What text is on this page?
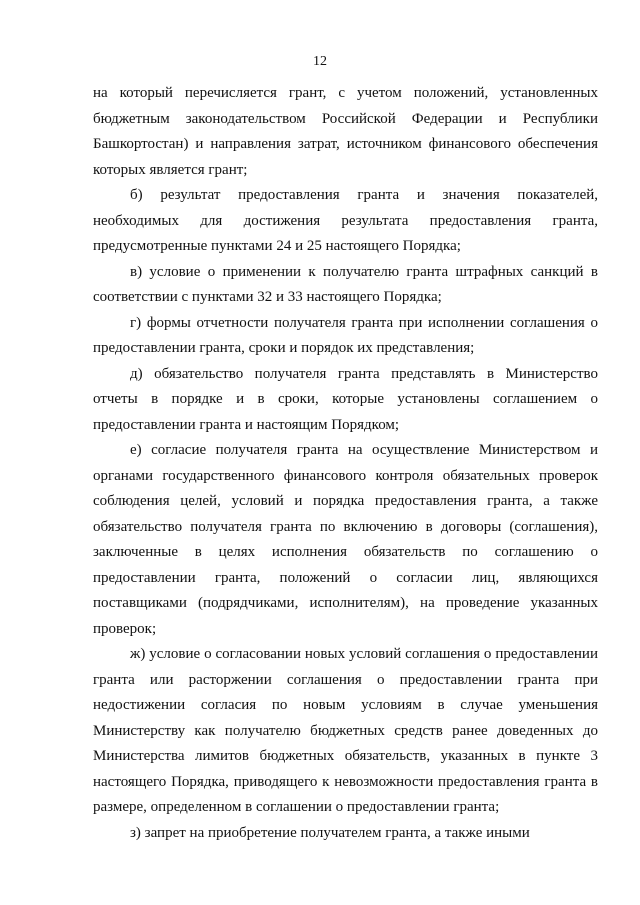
12

на который перечисляется грант, с учетом положений, установленных бюджетным законодательством Российской Федерации и Республики Башкортостан) и направления затрат, источником финансового обеспечения которых является грант;

б) результат предоставления гранта и значения показателей, необходимых для достижения результата предоставления гранта, предусмотренные пунктами 24 и 25 настоящего Порядка;

в) условие о применении к получателю гранта штрафных санкций в соответствии с пунктами 32 и 33 настоящего Порядка;

г) формы отчетности получателя гранта при исполнении соглашения о предоставлении гранта, сроки и порядок их представления;

д) обязательство получателя гранта представлять в Министерство отчеты в порядке и в сроки, которые установлены соглашением о предоставлении гранта и настоящим Порядком;

е) согласие получателя гранта на осуществление Министерством и органами государственного финансового контроля обязательных проверок соблюдения целей, условий и порядка предоставления гранта, а также обязательство получателя гранта по включению в договоры (соглашения), заключенные в целях исполнения обязательств по соглашению о предоставлении гранта, положений о согласии лиц, являющихся поставщиками (подрядчиками, исполнителям), на проведение указанных проверок;

ж) условие о согласовании новых условий соглашения о предоставлении гранта или расторжении соглашения о предоставлении гранта при недостижении согласия по новым условиям в случае уменьшения Министерству как получателю бюджетных средств ранее доведенных до Министерства лимитов бюджетных обязательств, указанных в пункте 3 настоящего Порядка, приводящего к невозможности предоставления гранта в размере, определенном в соглашении о предоставлении гранта;

з) запрет на приобретение получателем гранта, а также иными
